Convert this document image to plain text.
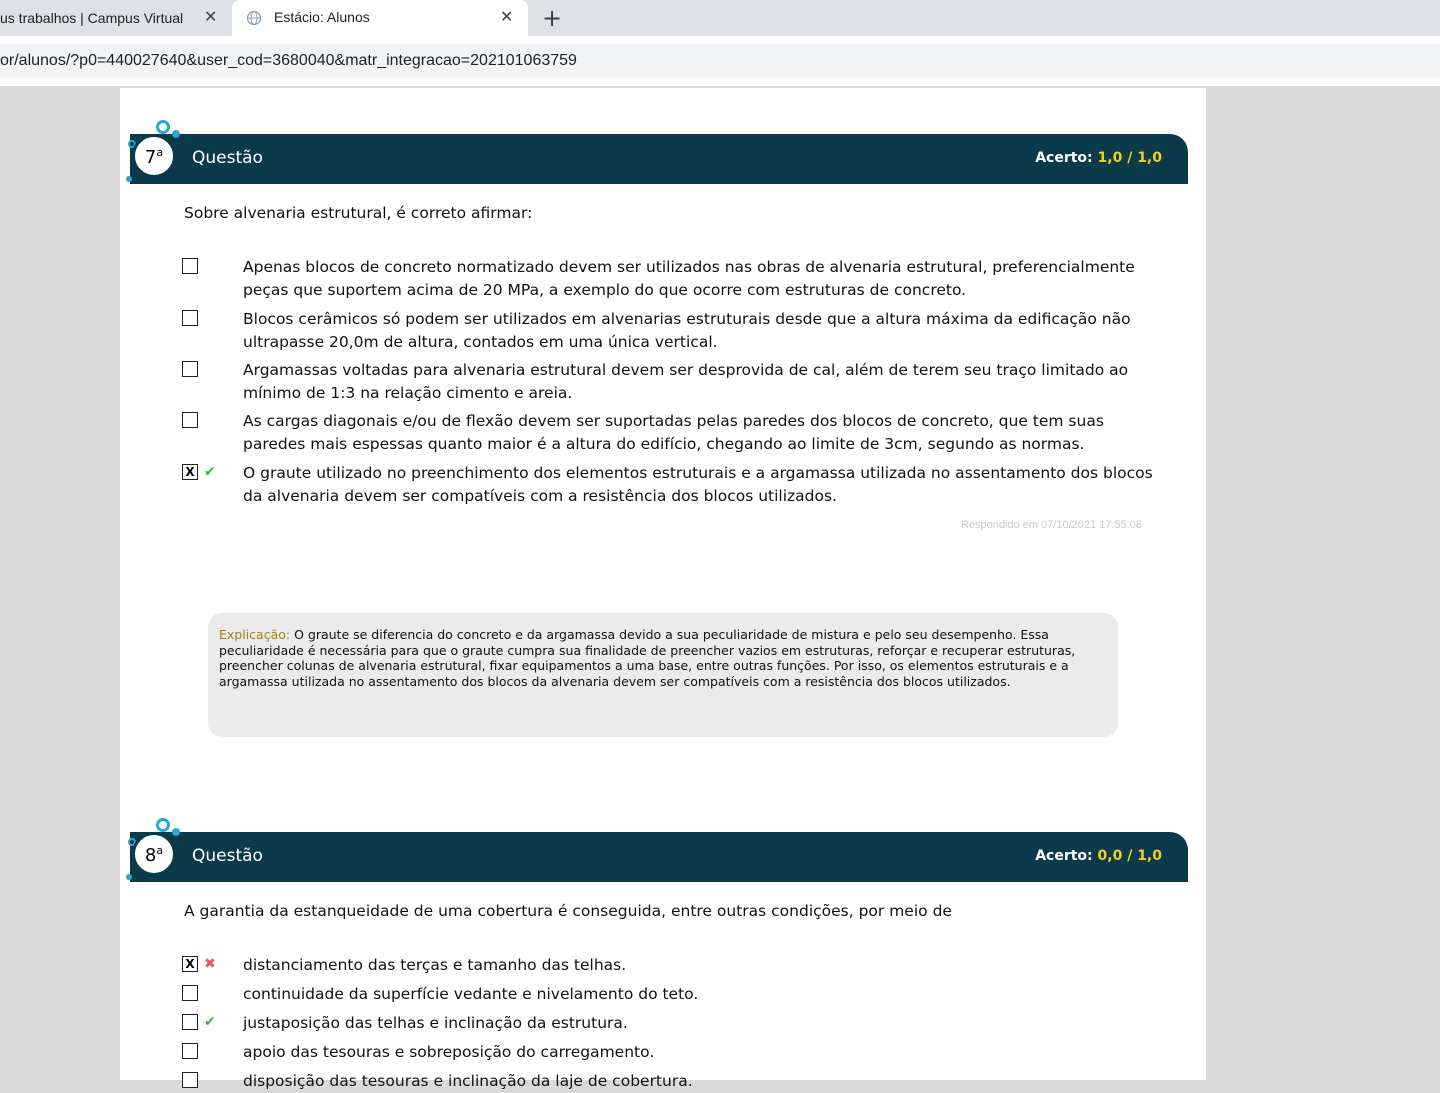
us trabalhos | Campus Virtual	✕	Estácio: Alunos	✕ +
or/alunos/?p0=440027640&user_cod=3680040&matr_integracao=202101063759
7$^a$	Questão	Acerto: 1,0 / 1,0
Sobre alvenaria estrutural, é correto afirmar:
Apenas blocos de concreto normatizado devem ser utilizados nas obras de alvenaria estrutural, preferencialmente peças que suportem acima de 20 MPa, a exemplo do que ocorre com estruturas de concreto.
Blocos cerâmicos só podem ser utilizados em alvenarias estruturais desde que a altura máxima da edificação não ultrapasse 20,0m de altura, contados em uma única vertical.
Argamassas voltadas para alvenaria estrutural devem ser desprovida de cal, além de terem seu traço limitado ao mínimo de 1:3 na relação cimento e areia.
As cargas diagonais e/ou de flexão devem ser suportadas pelas paredes dos blocos de concreto, que tem suas paredes mais espessas quanto maior é a altura do edifício, chegando ao limite de 3cm, segundo as normas.
X ✔ O graute utilizado no preenchimento dos elementos estruturais e a argamassa utilizada no assentamento dos blocos da alvenaria devem ser compatíveis com a resistência dos blocos utilizados.
Respondido em 07/10/2021 17:55:06
Explicação: O graute se diferencia do concreto e da argamassa devido a sua peculiaridade de mistura e pelo seu desempenho. Essa peculiaridade é necessária para que o graute cumpra sua finalidade de preencher vazios em estruturas, reforçar e recuperar estruturas, preencher colunas de alvenaria estrutural, fixar equipamentos a uma base, entre outras funções. Por isso, os elementos estruturais e a argamassa utilizada no assentamento dos blocos da alvenaria devem ser compatíveis com a resistência dos blocos utilizados.
8$^a$	Questão	Acerto: 0,0 / 1,0
A garantia da estanqueidade de uma cobertura é conseguida, entre outras condições, por meio de
X ✖ distanciamento das terças e tamanho das telhas.
continuidade da superfície vedante e nivelamento do teto.
✔ justaposição das telhas e inclinação da estrutura.
apoio das tesouras e sobreposição do carregamento.
disposição das tesouras e inclinação da laje de cobertura.
